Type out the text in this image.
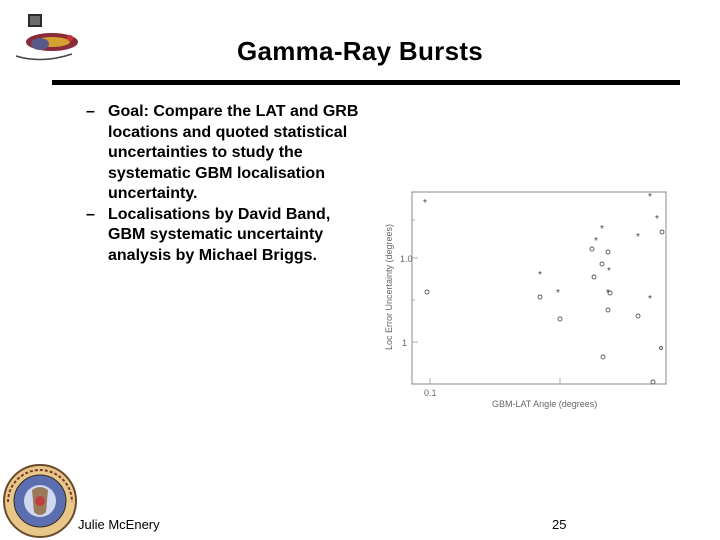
Gamma-Ray Bursts

– Goal: Compare the LAT and GRB locations and quoted statistical uncertainties to study the systematic GBM localisation uncertainty.

– Localisations by David Band, GBM systematic uncertainty analysis by Michael Briggs.	Loc Error Uncertainty (degrees) 1.0
1
0.1
GBM-LAT Angle (degrees)
*
*
*
*
*	*
*	*
*	*
*
Julie McEnery	25
